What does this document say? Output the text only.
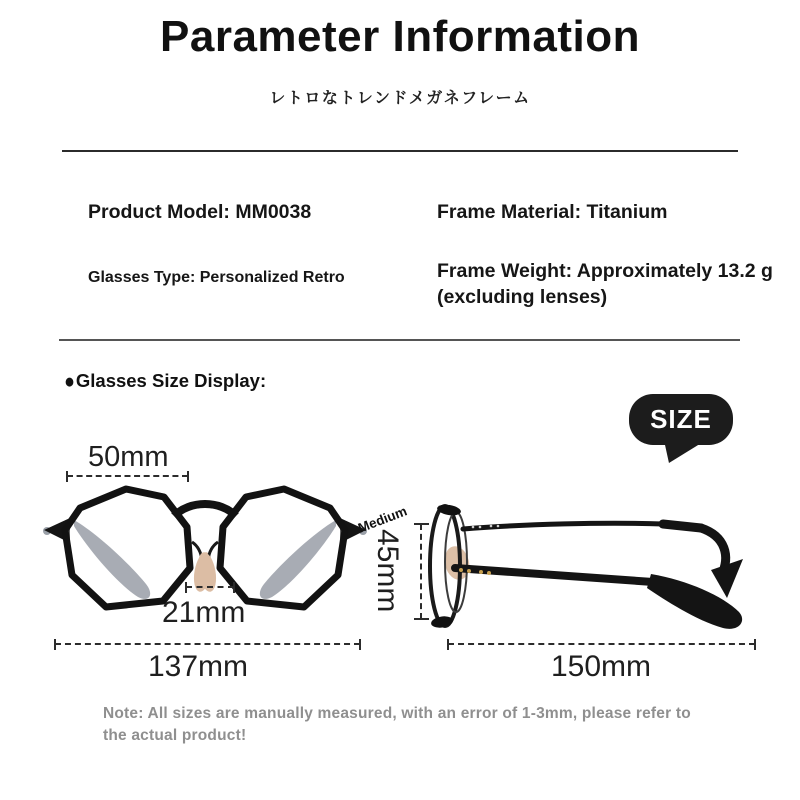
Parameter Information
レトロなトレンドメガネフレーム
Product Model: MM0038
Glasses Type: Personalized Retro
Frame Material: Titanium
Frame Weight: Approximately 13.2 g (excluding lenses)
● Glasses Size Display:
SIZE
50mm
21mm
137mm	150mm
Medium
45mm
Note: All sizes are manually measured, with an error of 1-3mm, please refer to the actual product!
